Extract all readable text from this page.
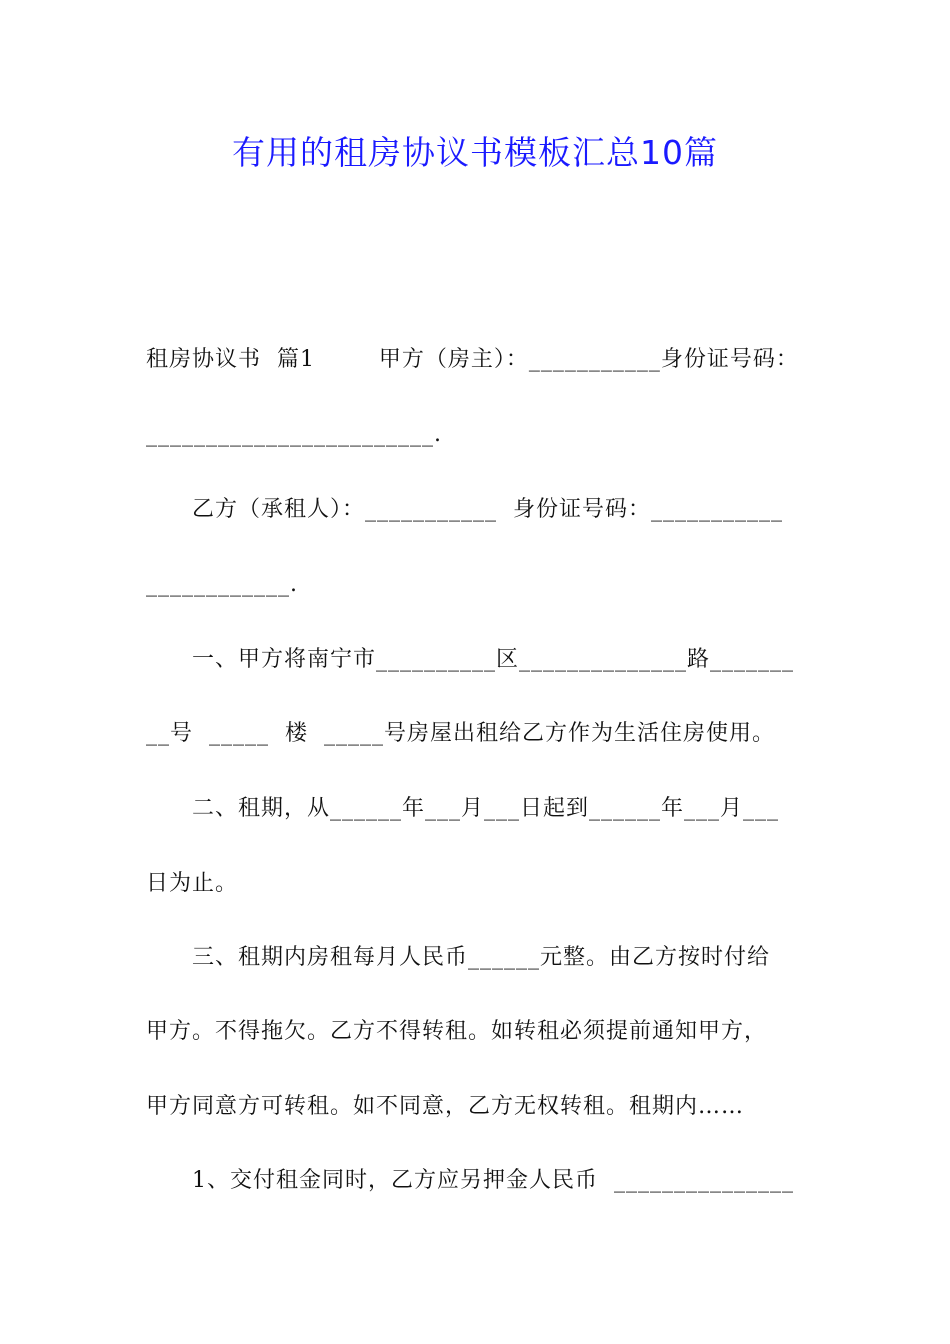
有用的租房协议书模板汇总10篇
租房协议书  篇1        甲方（房主）：___________身份证号码：
________________________.
乙方（承租人）：___________  身份证号码：___________
____________.
一、甲方将南宁市__________区______________路_______
__号  _____  楼  _____号房屋出租给乙方作为生活住房使用。
二、租期，从______年___月___日起到______年___月___
日为止。
三、租期内房租每月人民币______元整。由乙方按时付给
甲方。不得拖欠。乙方不得转租。如转租必须提前通知甲方，
甲方同意方可转租。如不同意，乙方无权转租。租期内……
1、交付租金同时，乙方应另押金人民币  _______________
